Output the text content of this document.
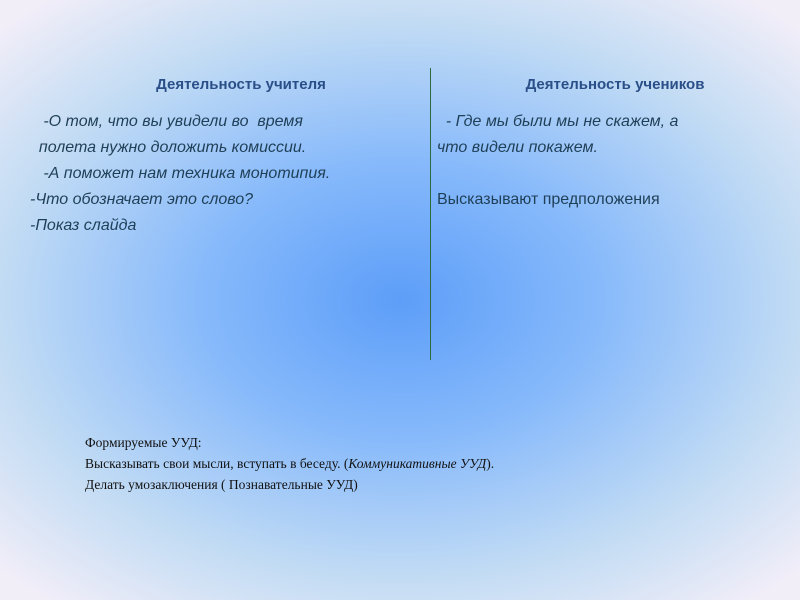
Деятельность учителя	Деятельность учеников
-О том, что вы увидели во  время
полета нужно доложить комиссии.
-А поможет нам техника монотипия.
-Что обозначает это слово?
-Показ слайда
- Где мы были мы не скажем, а
что видели покажем.
Высказывают предположения
Формируемые УУД:
Высказывать свои мысли, вступать в беседу. (Коммуникативные УУД).
Делать умозаключения ( Познавательные УУД)
